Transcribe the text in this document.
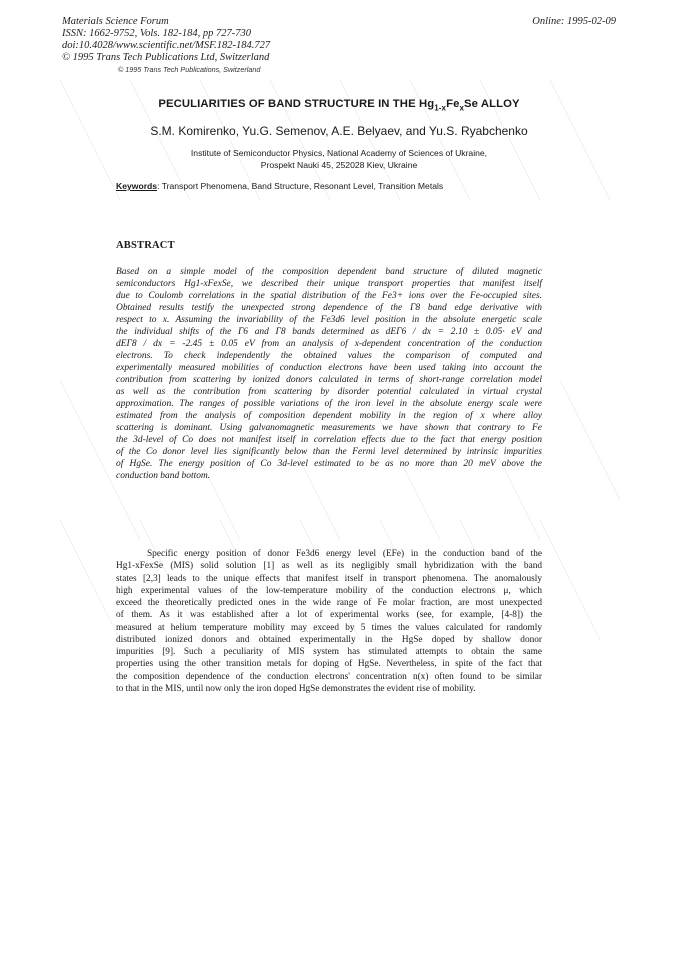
Materials Science Forum
ISSN: 1662-9752, Vols. 182-184, pp 727-730
doi:10.4028/www.scientific.net/MSF.182-184.727
© 1995 Trans Tech Publications Ltd, Switzerland
Online: 1995-02-09
© 1995 Trans Tech Publications, Switzerland
PECULIARITIES OF BAND STRUCTURE IN THE $Hg_{1-x}Fe_xSe$ ALLOY
S.M. Komirenko, Yu.G. Semenov, A.E. Belyaev, and Yu.S. Ryabchenko
Institute of Semiconductor Physics, National Academy of Sciences of Ukraine,
Prospekt Nauki 45, 252028 Kiev, Ukraine
Keywords: Transport Phenomena, Band Structure, Resonant Level, Transition Metals
ABSTRACT
Based on a simple model of the composition dependent band structure of diluted magnetic
semiconductors Hg1-xFexSe, we described their unique transport properties that manifest itself
due to Coulomb correlations in the spatial distribution of the Fe3+ ions over the Fe-occupied sites.
Obtained results testify the unexpected strong dependence of the Γ8 band edge derivative with
respect to x. Assuming the invariability of the Fe3d6 level position in the absolute energetic scale
the individual shifts of the Γ6 and Γ8 bands determined as dEΓ6 / dx = 2.10 ± 0.05· eV and
dEΓ8 / dx = -2.45 ± 0.05 eV from an analysis of x-dependent concentration of the conduction
electrons. To check independently the obtained values the comparison of computed and
experimentally measured mobilities of conduction electrons have been used taking into account the
contribution from scattering by ionized donors calculated in terms of short-range correlation model
as well as the contribution from scattering by disorder potential calculated in virtual crystal
approximation. The ranges of possible variations of the iron level in the absolute energy scale were
estimated from the analysis of composition dependent mobility in the region of x where alloy
scattering is dominant. Using galvanomagnetic measurements we have shown that contrary to Fe
the 3d-level of Co does not manifest itself in correlation effects due to the fact that energy position
of the Co donor level lies significantly below than the Fermi level determined by intrinsic impurities
of HgSe. The energy position of Co 3d-level estimated to be as no more than 20 meV above the
conduction band bottom.
Specific energy position of donor Fe3d6 energy level (EFe) in the conduction band of the
Hg1-xFexSe (MIS) solid solution [1] as well as its negligibly small hybridization with the band
states [2,3] leads to the unique effects that manifest itself in transport phenomena. The anomalously
high experimental values of the low-temperature mobility of the conduction electrons μ, which
exceed the theoretically predicted ones in the wide range of Fe molar fraction, are most unexpected
of them. As it was established after a lot of experimental works (see, for example, [4-8]) the
measured at helium temperature mobility may exceed by 5 times the values calculated for randomly
distributed ionized donors and obtained experimentally in the HgSe doped by shallow donor
impurities [9]. Such a peculiarity of MIS system has stimulated attempts to obtain the same
properties using the other transition metals for doping of HgSe. Nevertheless, in spite of the fact that
the composition dependence of the conduction electrons' concentration n(x) often found to be similar
to that in the MIS, until now only the iron doped HgSe demonstrates the evident rise of mobility.
